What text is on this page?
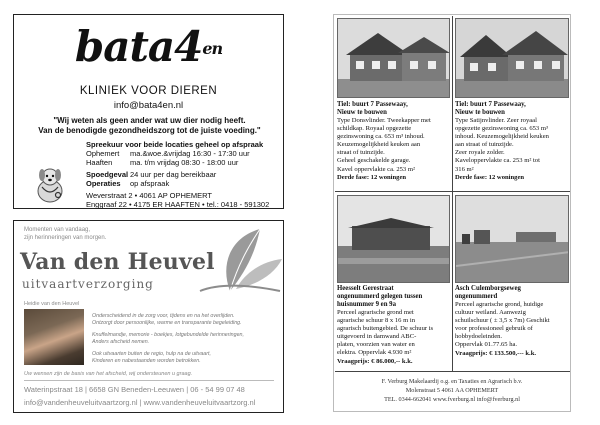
$bata4^{en}$
KLINIEK VOOR DIEREN
info@bata4en.nl
"Wij weten als geen ander wat uw dier nodig heeft.
Van de benodigde gezondheidszorg tot de juiste voeding."
Spreekuur voor beide locaties geheel op afspraak
Ophemert ma.&woe.&vrijdag 16:30 - 17:30 uur
Haaften ma. t/m vrijdag 08:30 - 18:00 uur
Spoedgeval 24 uur per dag bereikbaar
Operaties op afspraak
Weverstraat 2 • 4061 AP OPHEMERT
Enggraaf 22 • 4175 ER HAAFTEN • tel.: 0418 - 591302
Momenten van vandaag,
zijn herinneringen van morgen.
Van den Heuvel
uitvaartverzorging
Heidie van den Heuvel
Onderscheidend in de zorg voor, tijdens en na het overlijden.
Ontzorgt door persoonlijke, warme en transparante begeleiding.
Knuffelmandje, memorie - boekjes, lotgebundelde herinneringen,
Anders afscheid nemen.
Ook uitvaarten buiten de regio, hulp na de uitvaart,
Kinderen en nabestaanden worden betrokken.
Uw wensen zijn de basis van het afscheid, wij ondersteunen u graag.
Waterinpstraat 18 | 6658 GN Beneden-Leeuwen | 06 - 54 99 07 48
info@vandenheuveluitvaartzorg.nl | www.vandenheuveluitvaartzorg.nl
Tiel: buurt 7 Passewaay,
Nieuw te bouwen
Type Donsvlinder. Tweekapper met
schildkap. Royaal opgezette
gezinswoning ca. 653 m³ inhoud.
Keuzemogelijkheid keuken aan
straat of tuinzijde.
Geheel geschakelde garage.
Kavel oppervlakte ca. 253 m²
Derde fase: 12 woningen
Tiel: buurt 7 Passewaay,
Nieuw te bouwen
Type Satijnvlinder. Zeer royaal
opgezette gezinswoning ca. 653 m³
inhoud. Keuzemogelijkheid keuken
aan straat of tuinzijde.
Zeer royale zolder.
Kaveloppervlakte ca. 253 m² tot
316 m²
Derde fase: 12 woningen
Heesselt Gerestraat
ongenummerd gelegen tussen
huisnummer 9 en 9a
Perceel agrarische grond met
agrarische schuur 8 x 16 m in
agrarisch buitengebied. De schuur is
uitgevoerd in damwand ABC-
platen, voorzien van water en
elektra. Oppervlak 4.930 m²
Vraagprijs: € 86.000,-- k.k.
Asch Culemborgseweg
ongenummerd
Perceel agrarische grond, huidige
cultuur weiland. Aanwezig
schuilschuur ( ± 3,5 x 7m) Geschikt
voor professioneel gebruik of
hobbydoeleinden.
Oppervlak 01.77.65 ha.
Vraagprijs: € 133.500,--- k.k.
F. Verburg Makelaardij o.g. en Taxaties en Agrarisch b.v.
Molenstraat 5 4061 AA OPHEMERT
TEL. 0344-662041 www.fverburg.nl info@fverburg.nl
